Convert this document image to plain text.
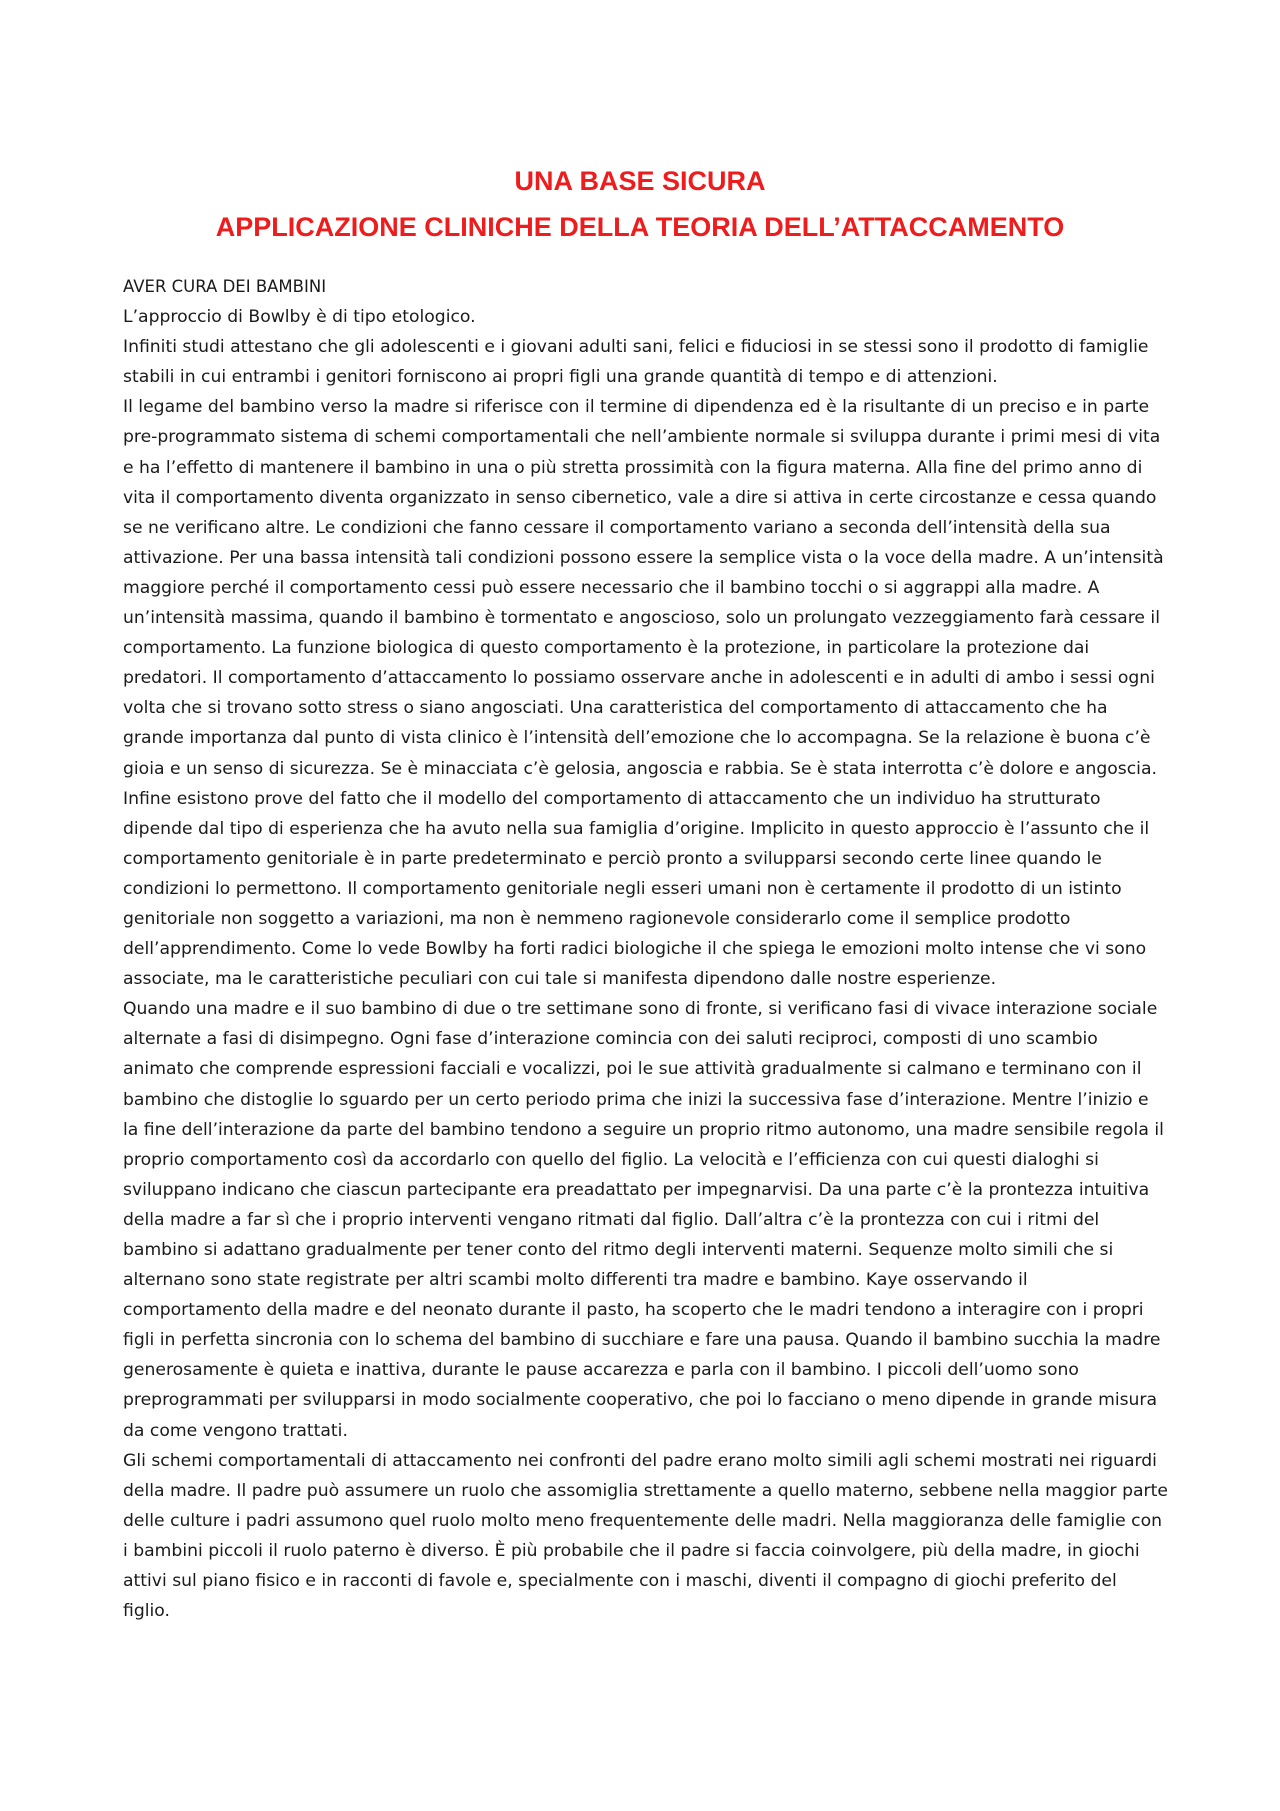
UNA BASE SICURA

APPLICAZIONE CLINICHE DELLA TEORIA DELL’ATTACCAMENTO

AVER CURA DEI BAMBINI

L’approccio di Bowlby è di tipo etologico.

Infiniti studi attestano che gli adolescenti e i giovani adulti sani, felici e fiduciosi in se stessi sono il prodotto di famiglie stabili in cui entrambi i genitori forniscono ai propri figli una grande quantità di tempo e di attenzioni.

Il legame del bambino verso la madre si riferisce con il termine di dipendenza ed è la risultante di un preciso e in parte pre-programmato sistema di schemi comportamentali che nell’ambiente normale si sviluppa durante i primi mesi di vita e ha l’effetto di mantenere il bambino in una o più stretta prossimità con la figura materna. Alla fine del primo anno di vita il comportamento diventa organizzato in senso cibernetico, vale a dire si attiva in certe circostanze e cessa quando se ne verificano altre. Le condizioni che fanno cessare il comportamento variano a seconda dell’intensità della sua attivazione. Per una bassa intensità tali condizioni possono essere la semplice vista o la voce della madre. A un’intensità maggiore perché il comportamento cessi può essere necessario che il bambino tocchi o si aggrappi alla madre. A un’intensità massima, quando il bambino è tormentato e angoscioso, solo un prolungato vezzeggiamento farà cessare il comportamento. La funzione biologica di questo comportamento è la protezione, in particolare la protezione dai predatori. Il comportamento d’attaccamento lo possiamo osservare anche in adolescenti e in adulti di ambo i sessi ogni volta che si trovano sotto stress o siano angosciati. Una caratteristica del comportamento di attaccamento che ha grande importanza dal punto di vista clinico è l’intensità dell’emozione che lo accompagna. Se la relazione è buona c’è gioia e un senso di sicurezza. Se è minacciata c’è gelosia, angoscia e rabbia. Se è stata interrotta c’è dolore e angoscia. Infine esistono prove del fatto che il modello del comportamento di attaccamento che un individuo ha strutturato dipende dal tipo di esperienza che ha avuto nella sua famiglia d’origine. Implicito in questo approccio è l’assunto che il comportamento genitoriale è in parte predeterminato e perciò pronto a svilupparsi secondo certe linee quando le condizioni lo permettono. Il comportamento genitoriale negli esseri umani non è certamente il prodotto di un istinto genitoriale non soggetto a variazioni, ma non è nemmeno ragionevole considerarlo come il semplice prodotto dell’apprendimento. Come lo vede Bowlby ha forti radici biologiche il che spiega le emozioni molto intense che vi sono associate, ma le caratteristiche peculiari con cui tale si manifesta dipendono dalle nostre esperienze.

Quando una madre e il suo bambino di due o tre settimane sono di fronte, si verificano fasi di vivace interazione sociale alternate a fasi di disimpegno. Ogni fase d’interazione comincia con dei saluti reciproci, composti di uno scambio animato che comprende espressioni facciali e vocalizzi, poi le sue attività gradualmente si calmano e terminano con il bambino che distoglie lo sguardo per un certo periodo prima che inizi la successiva fase d’interazione. Mentre l’inizio e la fine dell’interazione da parte del bambino tendono a seguire un proprio ritmo autonomo, una madre sensibile regola il proprio comportamento così da accordarlo con quello del figlio. La velocità e l’efficienza con cui questi dialoghi si sviluppano indicano che ciascun partecipante era preadattato per impegnarvisi. Da una parte c’è la prontezza intuitiva della madre a far sì che i proprio interventi vengano ritmati dal figlio. Dall’altra c’è la prontezza con cui i ritmi del bambino si adattano gradualmente per tener conto del ritmo degli interventi materni. Sequenze molto simili che si alternano sono state registrate per altri scambi molto differenti tra madre e bambino. Kaye osservando il comportamento della madre e del neonato durante il pasto, ha scoperto che le madri tendono a interagire con i propri figli in perfetta sincronia con lo schema del bambino di succhiare e fare una pausa. Quando il bambino succhia la madre generosamente è quieta e inattiva, durante le pause accarezza e parla con il bambino. I piccoli dell’uomo sono preprogrammati per svilupparsi in modo socialmente cooperativo, che poi lo facciano o meno dipende in grande misura da come vengono trattati.

Gli schemi comportamentali di attaccamento nei confronti del padre erano molto simili agli schemi mostrati nei riguardi della madre. Il padre può assumere un ruolo che assomiglia strettamente a quello materno, sebbene nella maggior parte delle culture i padri assumono quel ruolo molto meno frequentemente delle madri. Nella maggioranza delle famiglie con i bambini piccoli il ruolo paterno è diverso. È più probabile che il padre si faccia coinvolgere, più della madre, in giochi attivi sul piano fisico e in racconti di favole e, specialmente con i maschi, diventi il compagno di giochi preferito del figlio.
